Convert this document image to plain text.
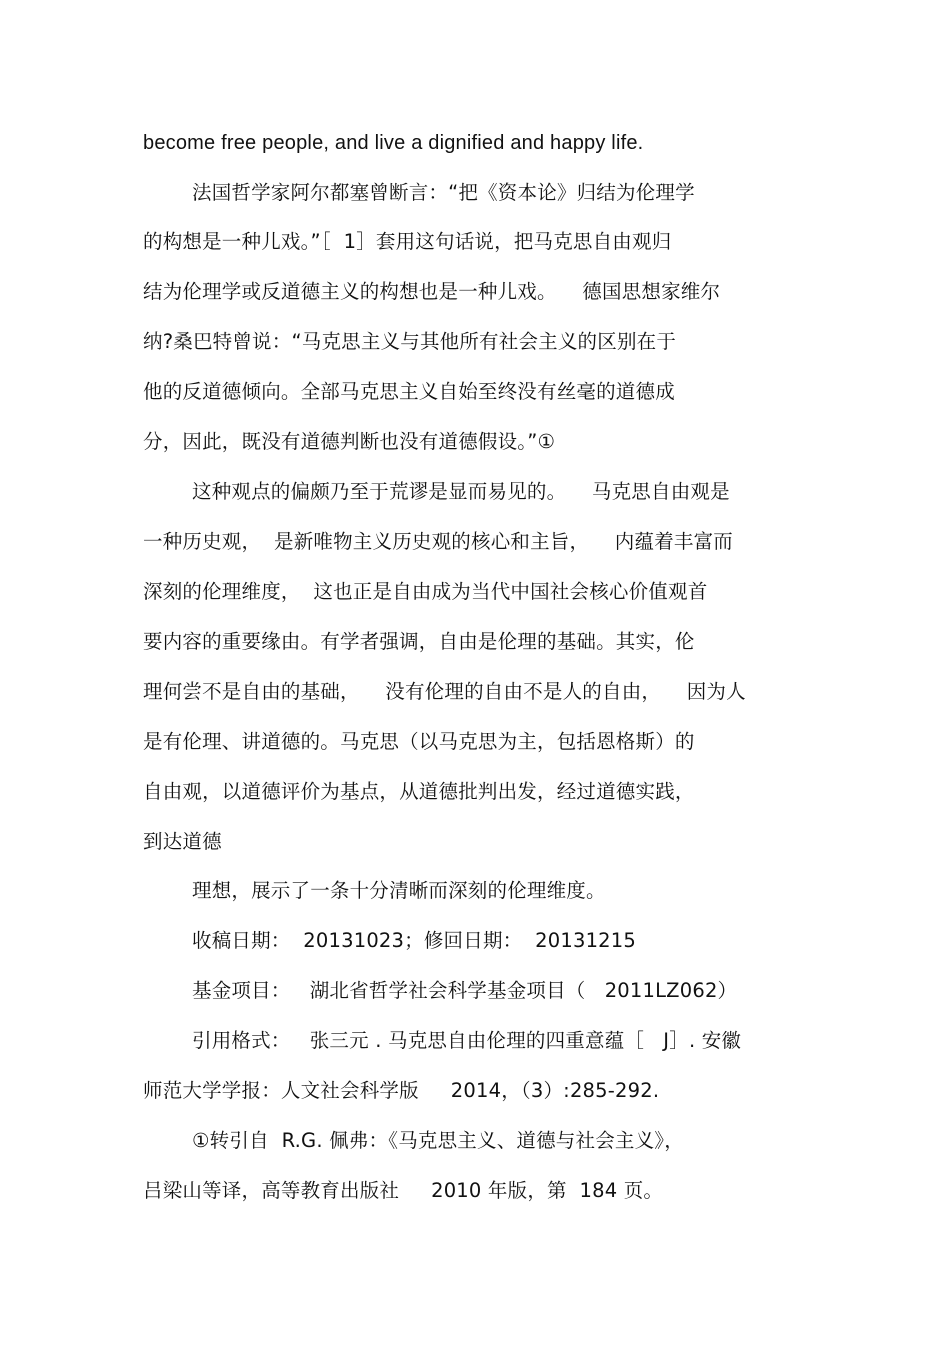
become free people, and live a dignified and happy life.
法国哲学家阿尔都塞曾断言：“把《资本论》归结为伦理学
的构想是一种儿戏。”［  1］套用这句话说，把马克思自由观归
结为伦理学或反道德主义的构想也是一种儿戏。    德国思想家维尔
纳?桑巴特曾说：“马克思主义与其他所有社会主义的区别在于
他的反道德倾向。全部马克思主义自始至终没有丝毫的道德成
分，因此，既没有道德判断也没有道德假设。”①
这种观点的偏颇乃至于荒谬是显而易见的。    马克思自由观是
一种历史观，  是新唯物主义历史观的核心和主旨，    内蕴着丰富而
深刻的伦理维度，  这也正是自由成为当代中国社会核心价值观首
要内容的重要缘由。有学者强调，自由是伦理的基础。其实，伦
理何尝不是自由的基础，    没有伦理的自由不是人的自由，    因为人
是有伦理、讲道德的。马克思（以马克思为主，包括恩格斯）的
自由观，以道德评价为基点，从道德批判出发，经过道德实践，
到达道德
理想，展示了一条十分清晰而深刻的伦理维度。
收稿日期：  20131023；修回日期：  20131215
基金项目：   湖北省哲学社会科学基金项目（   2011LZ062）
引用格式：   张三元 . 马克思自由伦理的四重意蕴［   J］. 安徽
师范大学学报：人文社会科学版     2014，（3）:285-292.
①转引自  R.G. 佩弗：《马克思主义、道德与社会主义》，
吕梁山等译，高等教育出版社     2010 年版，第  184 页。
